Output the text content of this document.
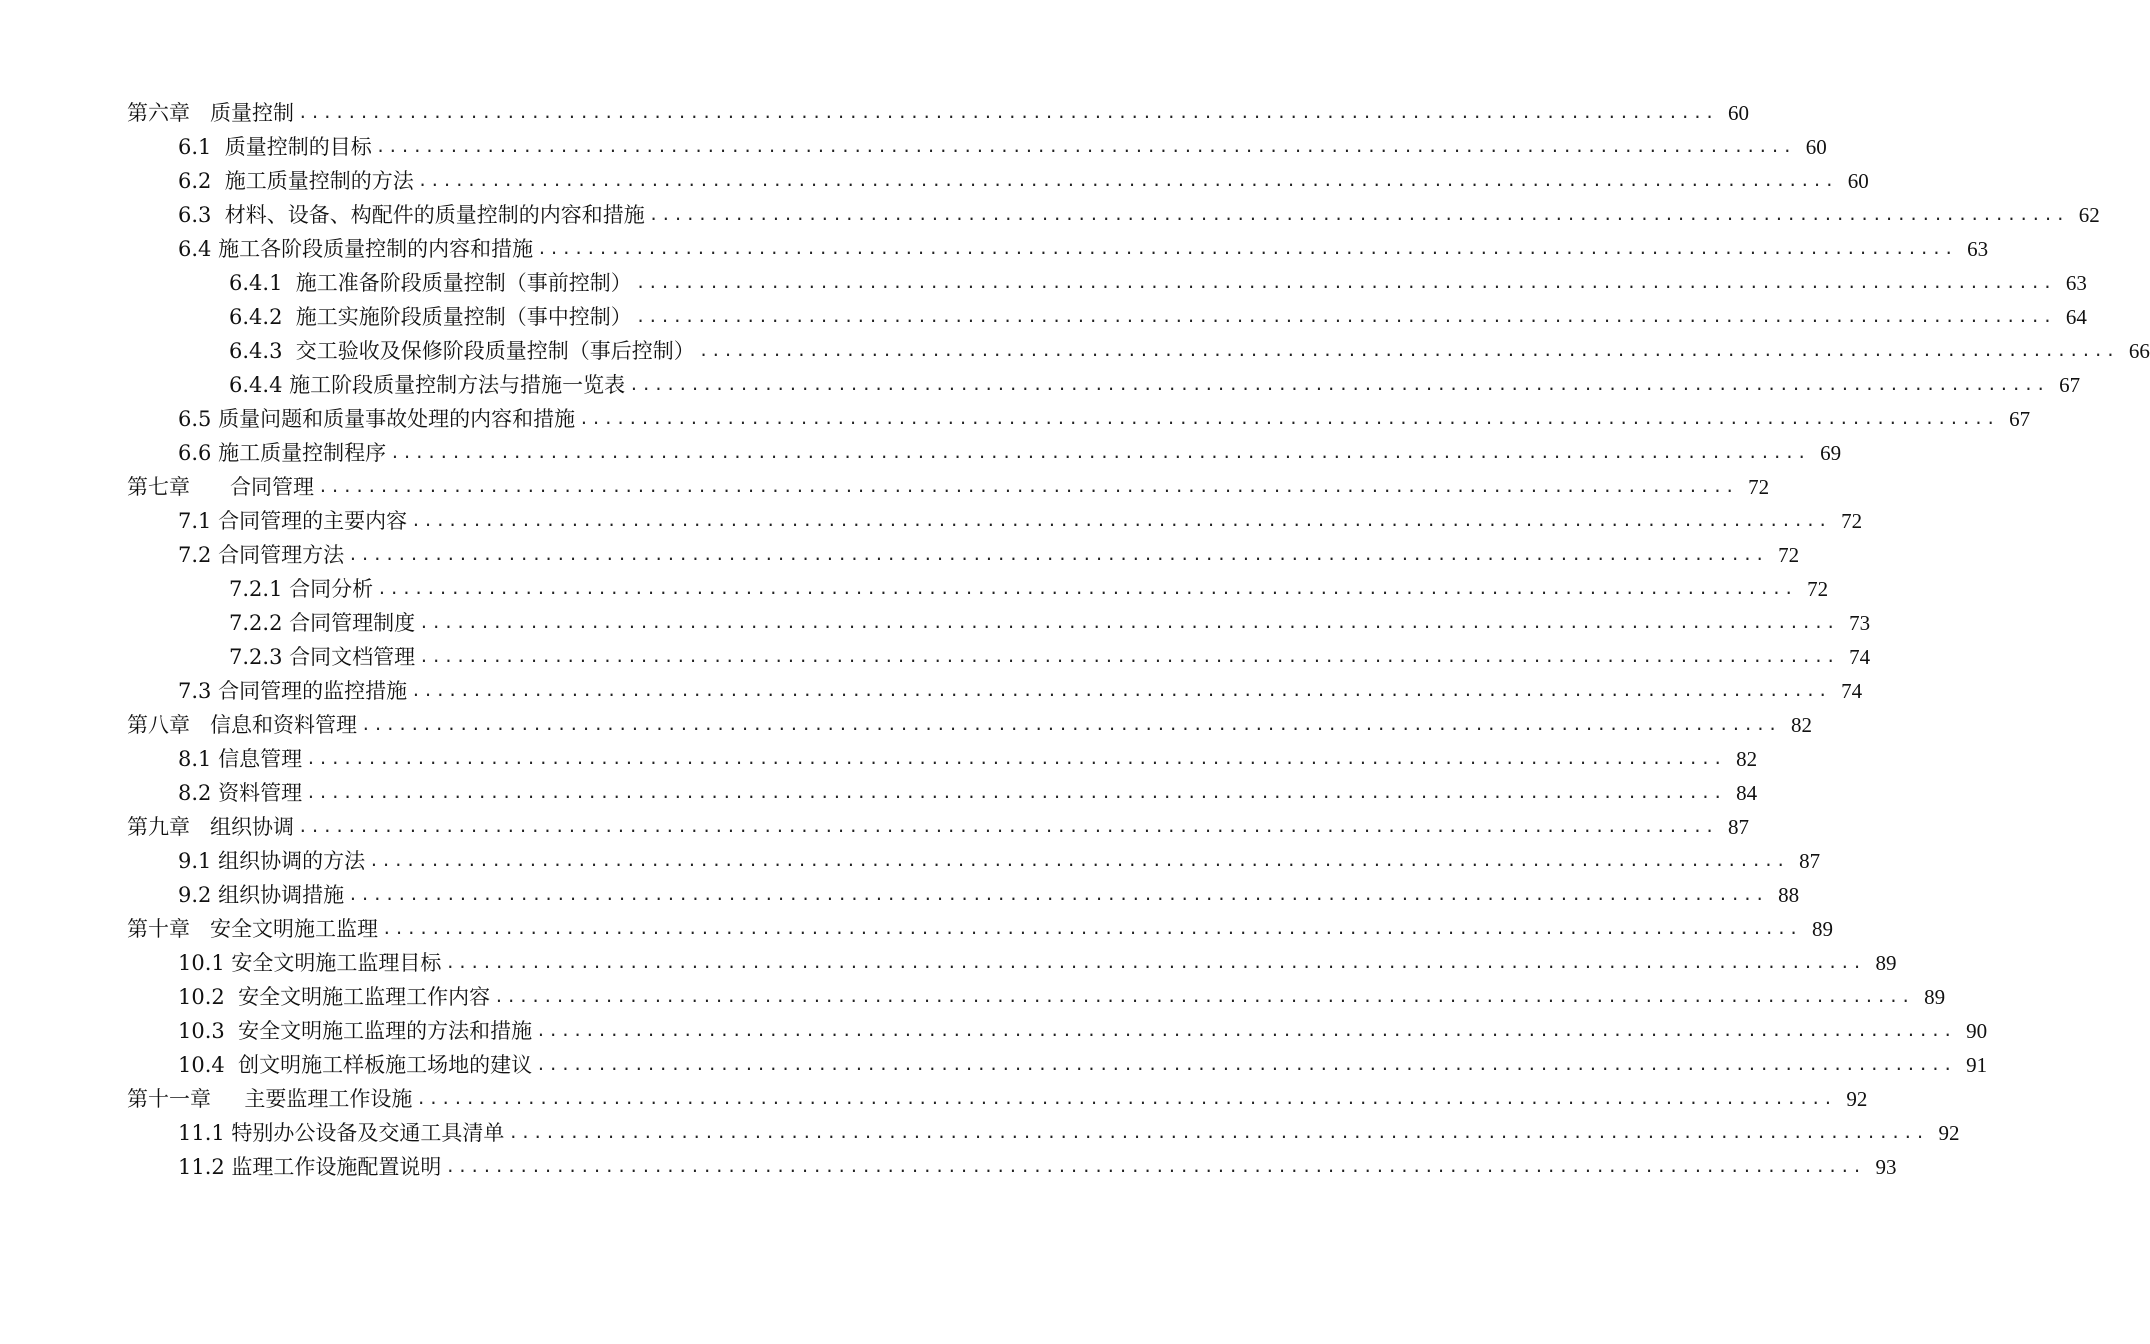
第六章   质量控制 .................................................................................................................... 60
6.1  质量控制的目标 .................................................................................................................... 60
6.2  施工质量控制的方法 .................................................................................................................... 60
6.3  材料、设备、构配件的质量控制的内容和措施 .................................................................................................................... 62
6.4 施工各阶段质量控制的内容和措施 .................................................................................................................... 63
6.4.1  施工准备阶段质量控制（事前控制） .................................................................................................................... 63
6.4.2  施工实施阶段质量控制（事中控制） .................................................................................................................... 64
6.4.3  交工验收及保修阶段质量控制（事后控制） .................................................................................................................... 66
6.4.4 施工阶段质量控制方法与措施一览表 .................................................................................................................... 67
6.5 质量问题和质量事故处理的内容和措施 .................................................................................................................... 67
6.6 施工质量控制程序 .................................................................................................................... 69
第七章      合同管理 .................................................................................................................... 72
7.1 合同管理的主要内容 .................................................................................................................... 72
7.2 合同管理方法 .................................................................................................................... 72
7.2.1 合同分析 .................................................................................................................... 72
7.2.2 合同管理制度 .................................................................................................................... 73
7.2.3 合同文档管理 .................................................................................................................... 74
7.3 合同管理的监控措施 .................................................................................................................... 74
第八章   信息和资料管理 .................................................................................................................... 82
8.1 信息管理 .................................................................................................................... 82
8.2 资料管理 .................................................................................................................... 84
第九章   组织协调 .................................................................................................................... 87
9.1 组织协调的方法 .................................................................................................................... 87
9.2 组织协调措施 .................................................................................................................... 88
第十章   安全文明施工监理 .................................................................................................................... 89
10.1 安全文明施工监理目标 .................................................................................................................... 89
10.2  安全文明施工监理工作内容 .................................................................................................................... 89
10.3  安全文明施工监理的方法和措施 .................................................................................................................... 90
10.4  创文明施工样板施工场地的建议 .................................................................................................................... 91
第十一章     主要监理工作设施 .................................................................................................................... 92
11.1 特别办公设备及交通工具清单 .................................................................................................................... 92
11.2 监理工作设施配置说明 .................................................................................................................... 93
